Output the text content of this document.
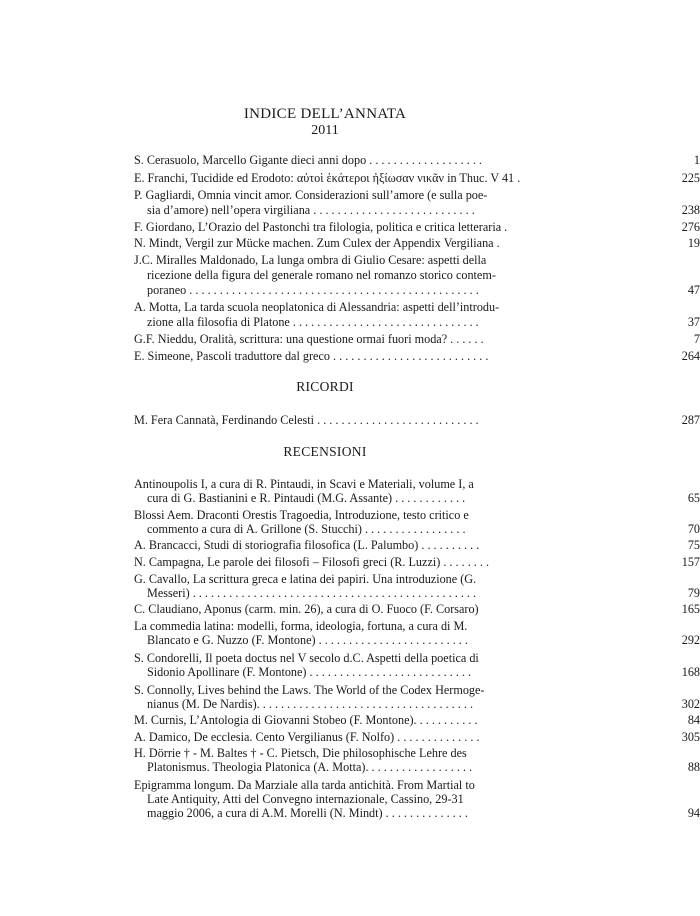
INDICE DELL’ANNATA
2011
S. Cerasuolo, Marcello Gigante dieci anni dopo . . . . . . . . . . . . . . . . . . .	1
E. Franchi, Tucidide ed Erodoto: αὐτοὶ ἑκάτεροι ἠξίωσαν νικᾶν in Thuc. V 41 .	225
P. Gagliardi, Omnia vincit amor. Considerazioni sull’amore (e sulla poe-
sia d’amore) nell’opera virgiliana . . . . . . . . . . . . . . . . . . . . . . . . . . .	238
F. Giordano, L’Orazio del Pastonchi tra filologia, politica e critica letteraria .	276
N. Mindt, Vergil zur Mücke machen. Zum Culex der Appendix Vergiliana .	19
J.C. Miralles Maldonado, La lunga ombra di Giulio Cesare: aspetti della
ricezione della figura del generale romano nel romanzo storico contem-
poraneo . . . . . . . . . . . . . . . . . . . . . . . . . . . . . . . . . . . . . . . . . . . . . . . .	47
A. Motta, La tarda scuola neoplatonica di Alessandria: aspetti dell’introdu-
zione alla filosofia di Platone . . . . . . . . . . . . . . . . . . . . . . . . . . . . . . .	37
G.F. Nieddu, Oralità, scrittura: una questione ormai fuori moda? . . . . . .	7
E. Simeone, Pascoli traduttore dal greco . . . . . . . . . . . . . . . . . . . . . . . . . .	264
RICORDI
M. Fera Cannatà, Ferdinando Celesti . . . . . . . . . . . . . . . . . . . . . . . . . . .	287
RECENSIONI
Antinoupolis I, a cura di R. Pintaudi, in Scavi e Materiali, volume I, a
cura di G. Bastianini e R. Pintaudi (M.G. Assante) . . . . . . . . . . . .	65
Blossi Aem. Draconti Orestis Tragoedia, Introduzione, testo critico e
commento a cura di A. Grillone (S. Stucchi) . . . . . . . . . . . . . . . . .	70
A. Brancacci, Studi di storiografia filosofica (L. Palumbo) . . . . . . . . . .	75
N. Campagna, Le parole dei filosofi – Filosofi greci (R. Luzzi) . . . . . . . .	157
G. Cavallo, La scrittura greca e latina dei papiri. Una introduzione (G.
Messeri) . . . . . . . . . . . . . . . . . . . . . . . . . . . . . . . . . . . . . . . . . . . . . . .	79
C. Claudiano, Aponus (carm. min. 26), a cura di O. Fuoco (F. Corsaro)	165
La commedia latina: modelli, forma, ideologia, fortuna, a cura di M.
Blancato e G. Nuzzo (F. Montone) . . . . . . . . . . . . . . . . . . . . . . . . .	292
S. Condorelli, Il poeta doctus nel V secolo d.C. Aspetti della poetica di
Sidonio Apollinare (F. Montone) . . . . . . . . . . . . . . . . . . . . . . . . . . .	168
S. Connolly, Lives behind the Laws. The World of the Codex Hermoge-
nianus (M. De Nardis). . . . . . . . . . . . . . . . . . . . . . . . . . . . . . . . . . . .	302
M. Curnis, L’Antologia di Giovanni Stobeo (F. Montone). . . . . . . . . . .	84
A. Damico, De ecclesia. Cento Vergilianus (F. Nolfo) . . . . . . . . . . . . . .	305
H. Dörrie † - M. Baltes † - C. Pietsch, Die philosophische Lehre des
Platonismus. Theologia Platonica (A. Motta). . . . . . . . . . . . . . . . . .	88
Epigramma longum. Da Marziale alla tarda antichità. From Martial to
Late Antiquity, Atti del Convegno internazionale, Cassino, 29-31
maggio 2006, a cura di A.M. Morelli (N. Mindt) . . . . . . . . . . . . . .	94
